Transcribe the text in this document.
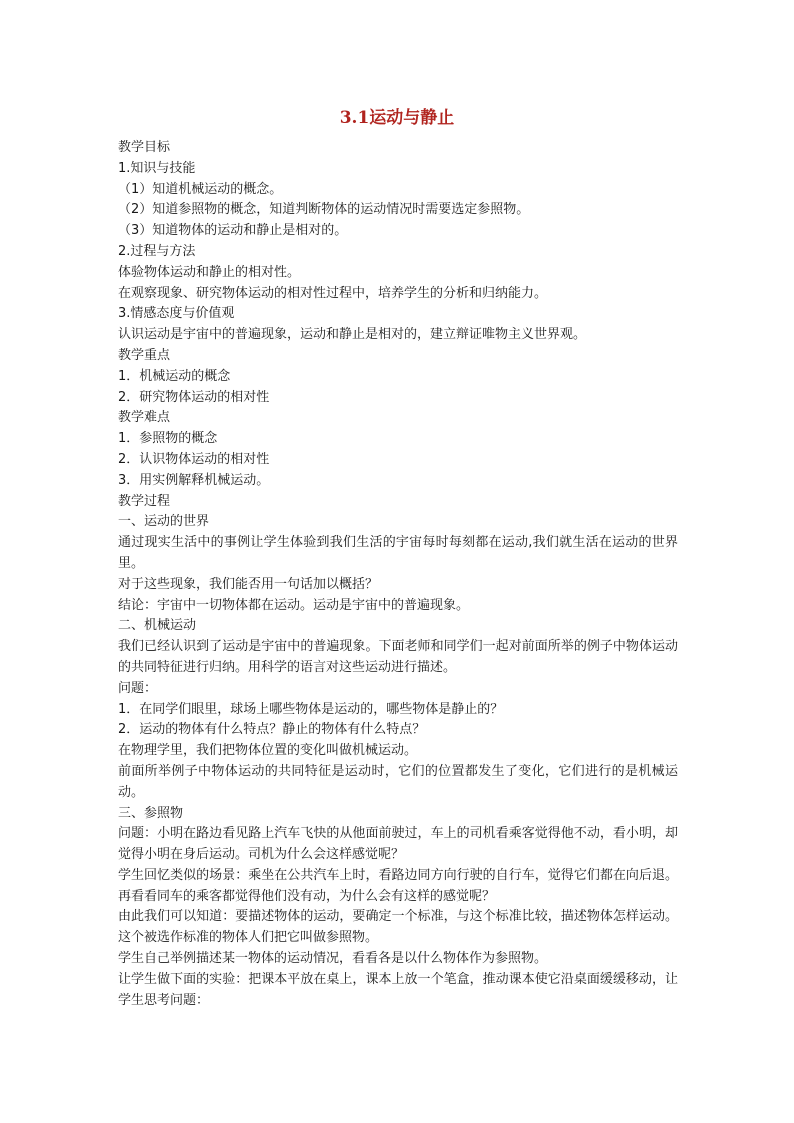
3.1运动与静止
教学目标
1.知识与技能
（1）知道机械运动的概念。
（2）知道参照物的概念，知道判断物体的运动情况时需要选定参照物。
（3）知道物体的运动和静止是相对的。
2.过程与方法
体验物体运动和静止的相对性。
在观察现象、研究物体运动的相对性过程中，培养学生的分析和归纳能力。
3.情感态度与价值观
认识运动是宇宙中的普遍现象，运动和静止是相对的，建立辩证唯物主义世界观。
教学重点
1．机械运动的概念
2．研究物体运动的相对性
教学难点
1．参照物的概念
2．认识物体运动的相对性
3．用实例解释机械运动。
教学过程
一、运动的世界
通过现实生活中的事例让学生体验到我们生活的宇宙每时每刻都在运动,我们就生活在运动的世界里。
对于这些现象，我们能否用一句话加以概括？
结论：宇宙中一切物体都在运动。运动是宇宙中的普遍现象。
二、机械运动
我们已经认识到了运动是宇宙中的普遍现象。下面老师和同学们一起对前面所举的例子中物体运动的共同特征进行归纳。用科学的语言对这些运动进行描述。
问题：
1．在同学们眼里，球场上哪些物体是运动的，哪些物体是静止的？
2．运动的物体有什么特点？静止的物体有什么特点？
在物理学里，我们把物体位置的变化叫做机械运动。
前面所举例子中物体运动的共同特征是运动时，它们的位置都发生了变化，它们进行的是机械运动。
三、参照物
问题：小明在路边看见路上汽车飞快的从他面前驶过，车上的司机看乘客觉得他不动，看小明，却觉得小明在身后运动。司机为什么会这样感觉呢？
学生回忆类似的场景：乘坐在公共汽车上时，看路边同方向行驶的自行车，觉得它们都在向后退。再看看同车的乘客都觉得他们没有动，为什么会有这样的感觉呢？
由此我们可以知道：要描述物体的运动，要确定一个标准，与这个标准比较，描述物体怎样运动。这个被选作标准的物体人们把它叫做参照物。
学生自己举例描述某一物体的运动情况，看看各是以什么物体作为参照物。
让学生做下面的实验：把课本平放在桌上，课本上放一个笔盒，推动课本使它沿桌面缓缓移动，让学生思考问题：
